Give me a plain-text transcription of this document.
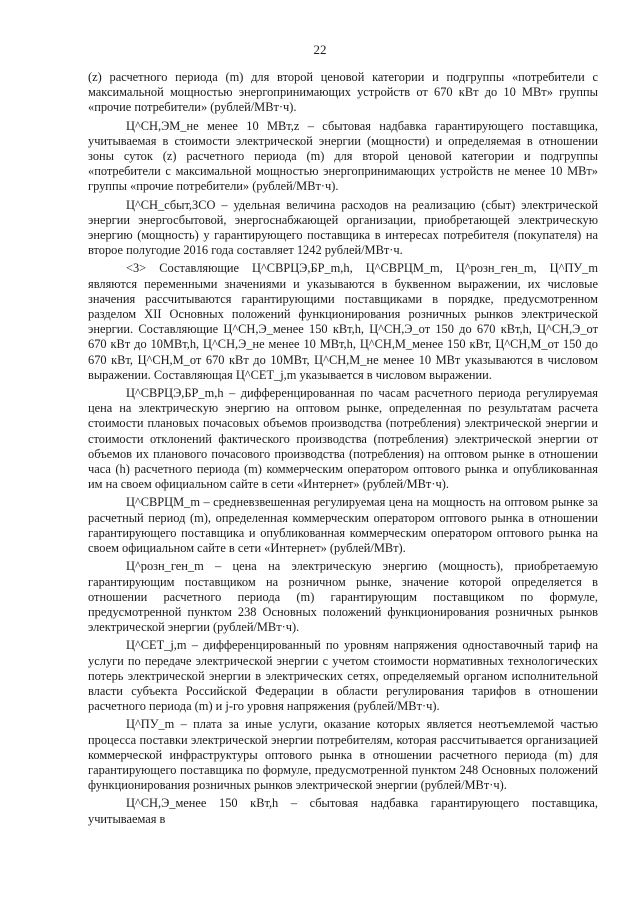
22

(z) расчетного периода (m) для второй ценовой категории и подгруппы «потребители с максимальной мощностью энергопринимающих устройств от 670 кВт до 10 МВт» группы «прочие потребители» (рублей/МВт·ч).

Ц^СН,ЭМ_не менее 10 МВт,z – сбытовая надбавка гарантирующего поставщика, учитываемая в стоимости электрической энергии (мощности) и определяемая в отношении зоны суток (z) расчетного периода (m) для второй ценовой категории и подгруппы «потребители с максимальной мощностью энергопринимающих устройств не менее 10 МВт» группы «прочие потребители» (рублей/МВт·ч).

Ц^СН_сбыт,ЗСО – удельная величина расходов на реализацию (сбыт) электрической энергии энергосбытовой, энергоснабжающей организации, приобретающей электрическую энергию (мощность) у гарантирующего поставщика в интересах потребителя (покупателя) на второе полугодие 2016 года составляет 1242 рублей/МВт·ч.

<3> Составляющие Ц^СВРЦЭ,БР_m,h, Ц^СВРЦМ_m, Ц^розн_ген_m, Ц^ПУ_m являются переменными значениями и указываются в буквенном выражении, их числовые значения рассчитываются гарантирующими поставщиками в порядке, предусмотренном разделом XII Основных положений функционирования розничных рынков электрической энергии. Составляющие Ц^СН,Э_менее 150 кВт,h, Ц^СН,Э_от 150 до 670 кВт,h, Ц^СН,Э_от 670 кВт до 10МВт,h, Ц^СН,Э_не менее 10 МВт,h, Ц^СН,М_менее 150 кВт, Ц^СН,М_от 150 до 670 кВт, Ц^СН,М_от 670 кВт до 10МВт, Ц^СН,М_не менее 10 МВт указываются в числовом выражении. Составляющая Ц^СЕТ_j,m указывается в числовом выражении.

Ц^СВРЦЭ,БР_m,h – дифференцированная по часам расчетного периода регулируемая цена на электрическую энергию на оптовом рынке, определенная по результатам расчета стоимости плановых почасовых объемов производства (потребления) электрической энергии и стоимости отклонений фактического производства (потребления) электрической энергии от объемов их планового почасового производства (потребления) на оптовом рынке в отношении часа (h) расчетного периода (m) коммерческим оператором оптового рынка и опубликованная им на своем официальном сайте в сети «Интернет» (рублей/МВт·ч).

Ц^СВРЦМ_m – средневзвешенная регулируемая цена на мощность на оптовом рынке за расчетный период (m), определенная коммерческим оператором оптового рынка в отношении гарантирующего поставщика и опубликованная коммерческим оператором оптового рынка на своем официальном сайте в сети «Интернет» (рублей/МВт).

Ц^розн_ген_m – цена на электрическую энергию (мощность), приобретаемую гарантирующим поставщиком на розничном рынке, значение которой определяется в отношении расчетного периода (m) гарантирующим поставщиком по формуле, предусмотренной пунктом 238 Основных положений функционирования розничных рынков электрической энергии (рублей/МВт·ч).

Ц^СЕТ_j,m – дифференцированный по уровням напряжения одноставочный тариф на услуги по передаче электрической энергии с учетом стоимости нормативных технологических потерь электрической энергии в электрических сетях, определяемый органом исполнительной власти субъекта Российской Федерации в области регулирования тарифов в отношении расчетного периода (m) и j-го уровня напряжения (рублей/МВт·ч).

Ц^ПУ_m – плата за иные услуги, оказание которых является неотъемлемой частью процесса поставки электрической энергии потребителям, которая рассчитывается организацией коммерческой инфраструктуры оптового рынка в отношении расчетного периода (m) для гарантирующего поставщика по формуле, предусмотренной пунктом 248 Основных положений функционирования розничных рынков электрической энергии (рублей/МВт·ч).

Ц^СН,Э_менее 150 кВт,h – сбытовая надбавка гарантирующего поставщика, учитываемая в
